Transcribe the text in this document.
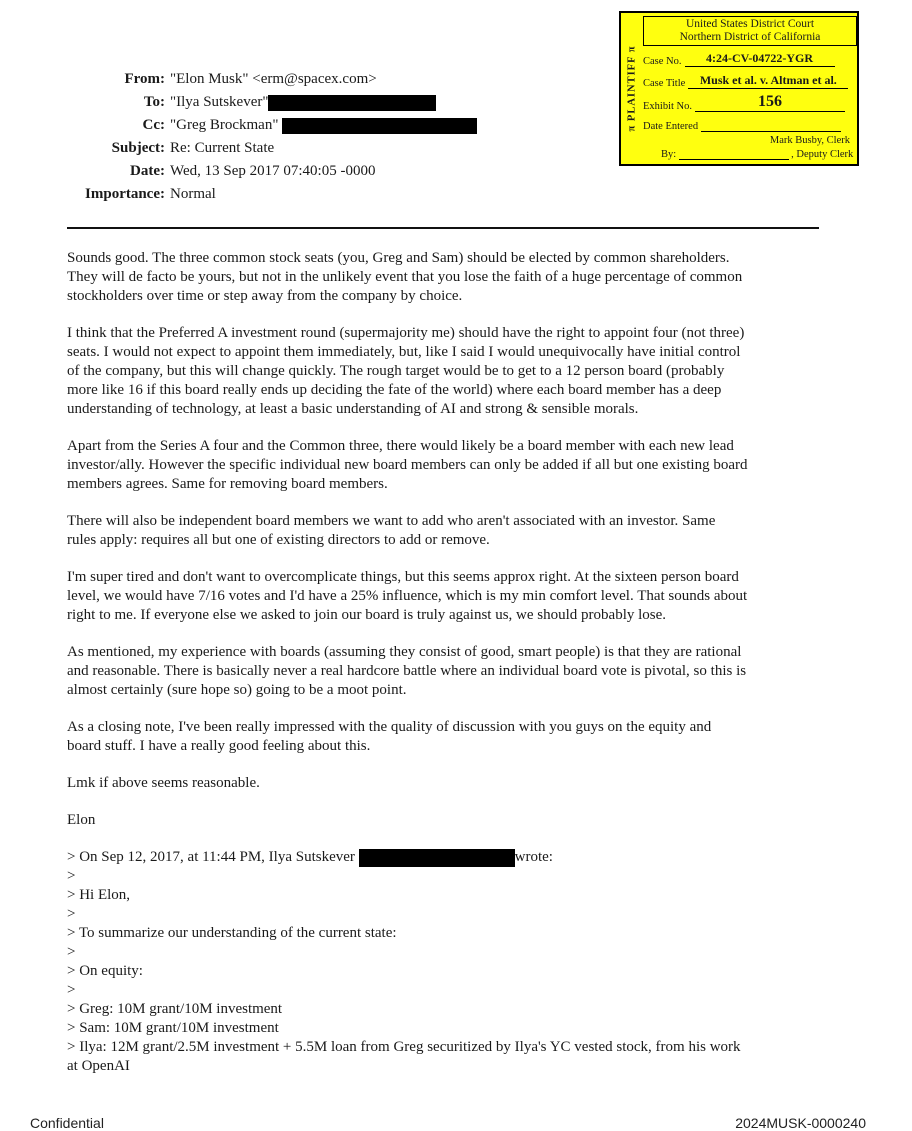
From: "Elon Musk" <erm@spacex.com>
To: "Ilya Sutskever"
Cc: "Greg Brockman"
Subject: Re: Current State
Date: Wed, 13 Sep 2017 07:40:05 -0000
Importance: Normal
π PLAINTIFF π
United States District Court
Northern District of California
Case No.	4:24-CV-04722-YGR
Case Title	Musk et al. v. Altman et al.
Exhibit No.	156
Date Entered
Mark Busby, Clerk
By:	, Deputy Clerk

Sounds good. The three common stock seats (you, Greg and Sam) should be elected by common shareholders.
They will de facto be yours, but not in the unlikely event that you lose the faith of a huge percentage of common
stockholders over time or step away from the company by choice.

I think that the Preferred A investment round (supermajority me) should have the right to appoint four (not three)
seats. I would not expect to appoint them immediately, but, like I said I would unequivocally have initial control
of the company, but this will change quickly. The rough target would be to get to a 12 person board (probably
more like 16 if this board really ends up deciding the fate of the world) where each board member has a deep
understanding of technology, at least a basic understanding of AI and strong & sensible morals.

Apart from the Series A four and the Common three, there would likely be a board member with each new lead
investor/ally. However the specific individual new board members can only be added if all but one existing board
members agrees. Same for removing board members.

There will also be independent board members we want to add who aren't associated with an investor. Same
rules apply: requires all but one of existing directors to add or remove.

I'm super tired and don't want to overcomplicate things, but this seems approx right. At the sixteen person board
level, we would have 7/16 votes and I'd have a 25% influence, which is my min comfort level. That sounds about
right to me. If everyone else we asked to join our board is truly against us, we should probably lose.

As mentioned, my experience with boards (assuming they consist of good, smart people) is that they are rational
and reasonable. There is basically never a real hardcore battle where an individual board vote is pivotal, so this is
almost certainly (sure hope so) going to be a moot point.

As a closing note, I've been really impressed with the quality of discussion with you guys on the equity and
board stuff. I have a really good feeling about this.

Lmk if above seems reasonable.

Elon

> On Sep 12, 2017, at 11:44 PM, Ilya Sutskever	wrote:
>
> Hi Elon,
>
> To summarize our understanding of the current state:
>
> On equity:
>
> Greg: 10M grant/10M investment
> Sam: 10M grant/10M investment
> Ilya: 12M grant/2.5M investment + 5.5M loan from Greg securitized by Ilya's YC vested stock, from his work
at OpenAI
Confidential	2024MUSK-0000240
